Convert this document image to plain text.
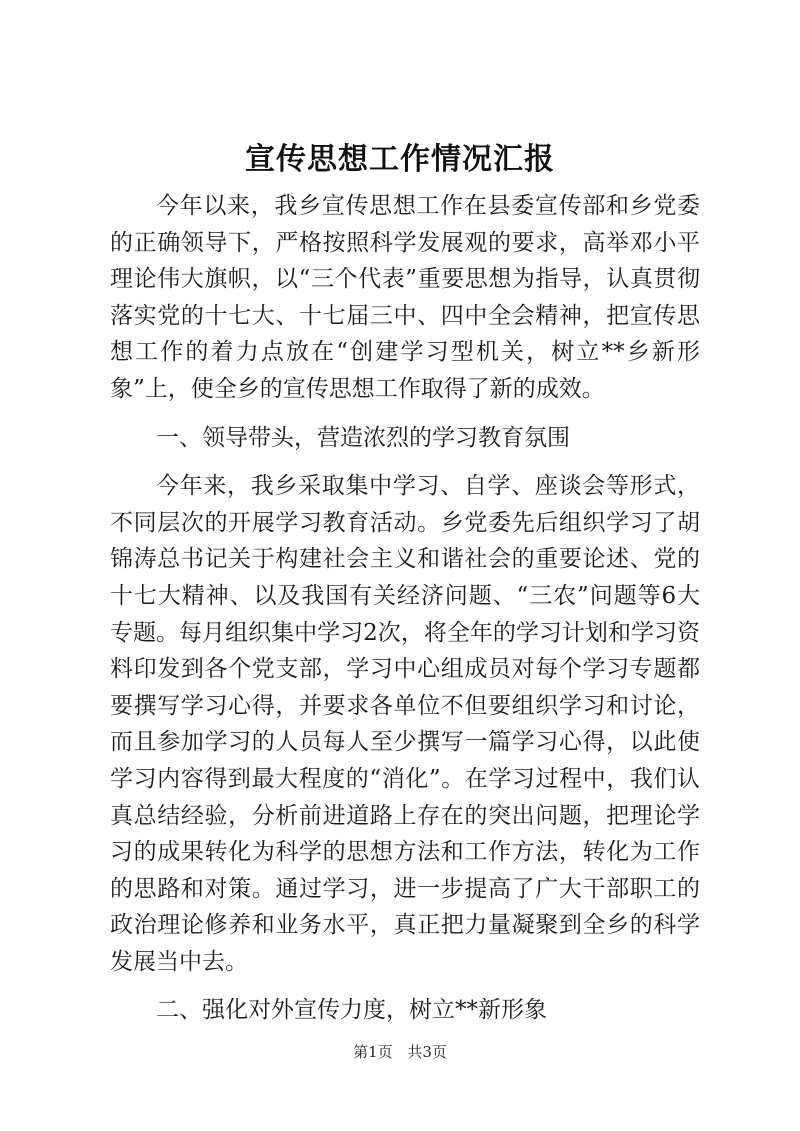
宣传思想工作情况汇报

今年以来，我乡宣传思想工作在县委宣传部和乡党委的正确领导下，严格按照科学发展观的要求，高举邓小平理论伟大旗帜，以“三个代表”重要思想为指导，认真贯彻落实党的十七大、十七届三中、四中全会精神，把宣传思想工作的着力点放在“创建学习型机关，树立**乡新形象”上，使全乡的宣传思想工作取得了新的成效。

一、领导带头，营造浓烈的学习教育氛围

今年来，我乡采取集中学习、自学、座谈会等形式，不同层次的开展学习教育活动。乡党委先后组织学习了胡锦涛总书记关于构建社会主义和谐社会的重要论述、党的十七大精神、以及我国有关经济问题、“三农”问题等6大专题。每月组织集中学习2次，将全年的学习计划和学习资料印发到各个党支部，学习中心组成员对每个学习专题都要撰写学习心得，并要求各单位不但要组织学习和讨论，而且参加学习的人员每人至少撰写一篇学习心得，以此使学习内容得到最大程度的“消化”。在学习过程中，我们认真总结经验，分析前进道路上存在的突出问题，把理论学习的成果转化为科学的思想方法和工作方法，转化为工作的思路和对策。通过学习，进一步提高了广大干部职工的政治理论修养和业务水平，真正把力量凝聚到全乡的科学发展当中去。

二、强化对外宣传力度，树立**新形象

第1页 共3页
